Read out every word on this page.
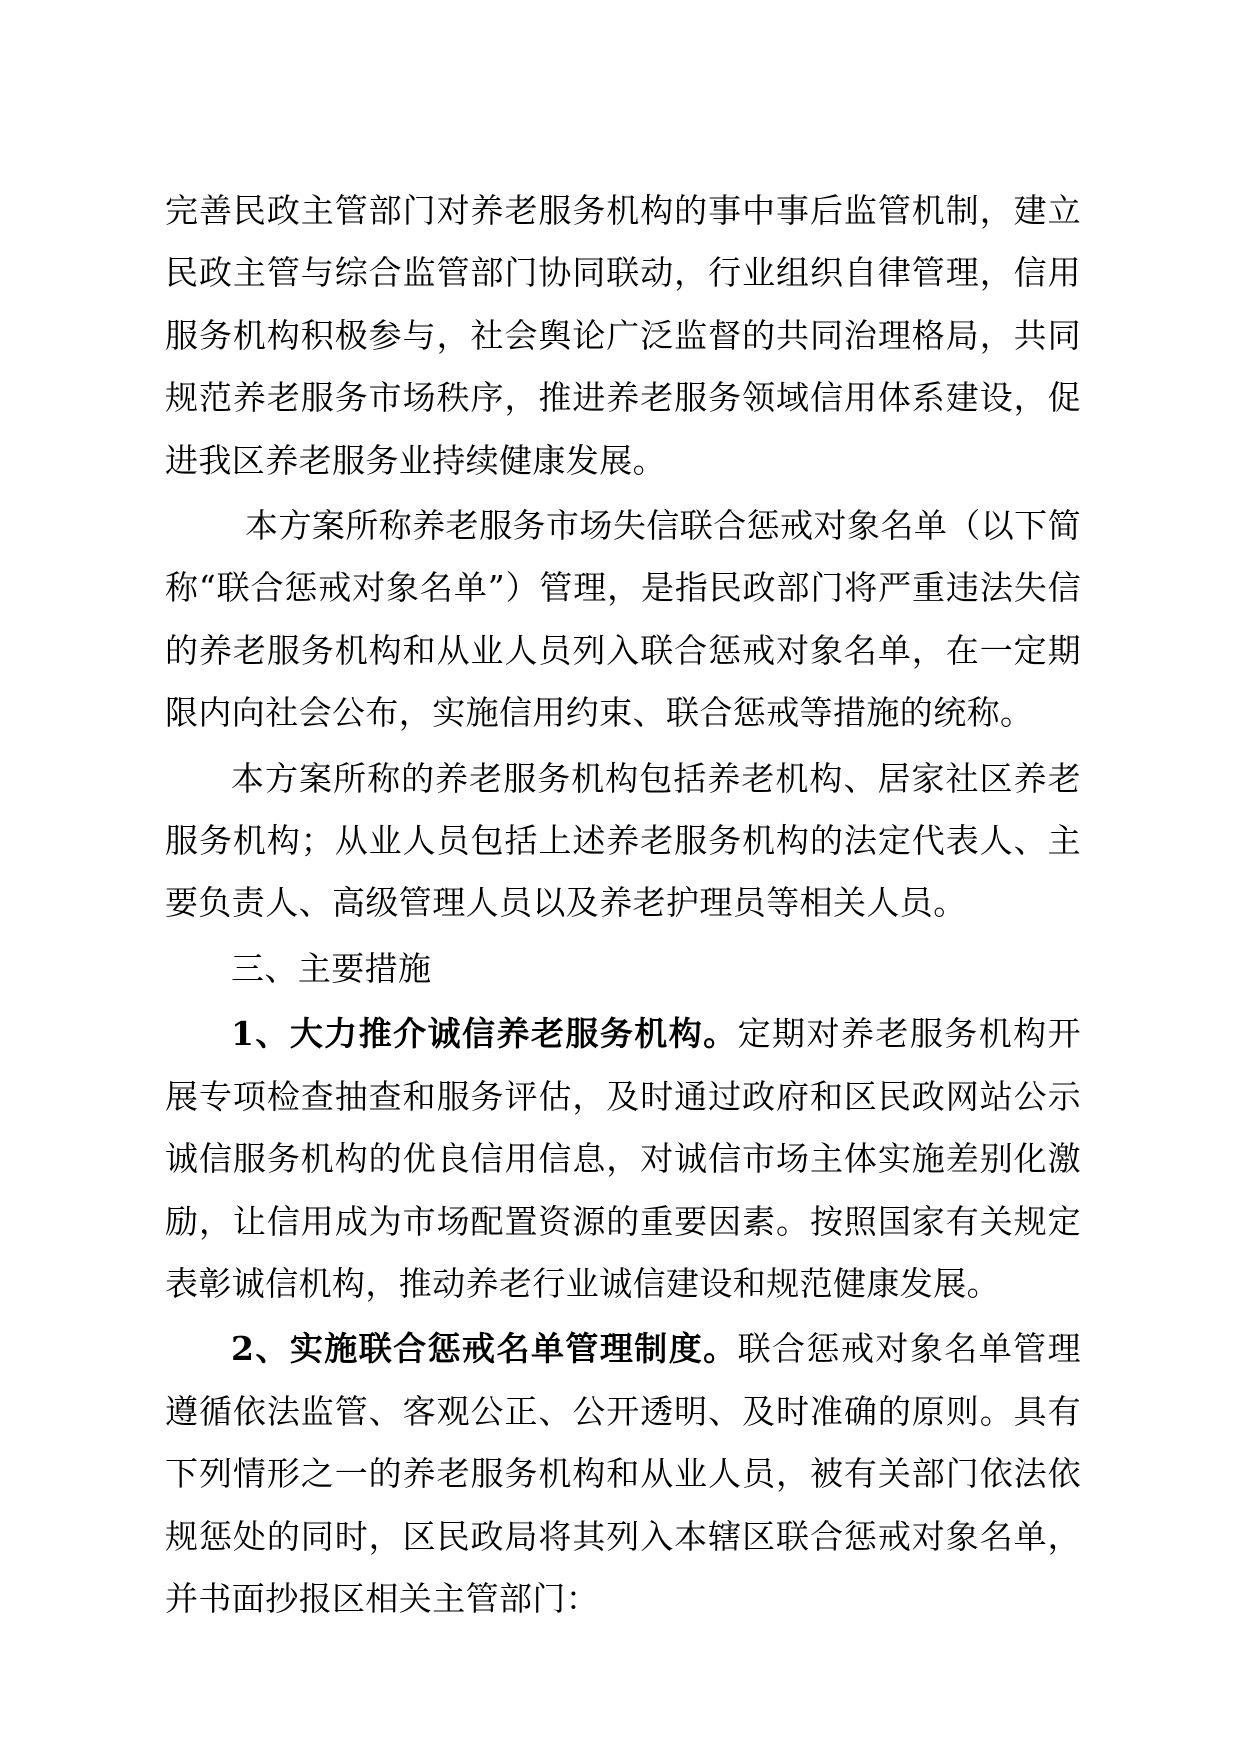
完善民政主管部门对养老服务机构的事中事后监管机制，建立民政主管与综合监管部门协同联动，行业组织自律管理，信用服务机构积极参与，社会舆论广泛监督的共同治理格局，共同规范养老服务市场秩序，推进养老服务领域信用体系建设，促进我区养老服务业持续健康发展。

本方案所称养老服务市场失信联合惩戒对象名单（以下简称“联合惩戒对象名单”）管理，是指民政部门将严重违法失信的养老服务机构和从业人员列入联合惩戒对象名单，在一定期限内向社会公布，实施信用约束、联合惩戒等措施的统称。

本方案所称的养老服务机构包括养老机构、居家社区养老服务机构；从业人员包括上述养老服务机构的法定代表人、主要负责人、高级管理人员以及养老护理员等相关人员。

三、主要措施

1、大力推介诚信养老服务机构。定期对养老服务机构开展专项检查抽查和服务评估，及时通过政府和区民政网站公示诚信服务机构的优良信用信息，对诚信市场主体实施差别化激励，让信用成为市场配置资源的重要因素。按照国家有关规定表彰诚信机构，推动养老行业诚信建设和规范健康发展。

2、实施联合惩戒名单管理制度。联合惩戒对象名单管理遵循依法监管、客观公正、公开透明、及时准确的原则。具有下列情形之一的养老服务机构和从业人员，被有关部门依法依规惩处的同时，区民政局将其列入本辖区联合惩戒对象名单，并书面抄报区相关主管部门：
